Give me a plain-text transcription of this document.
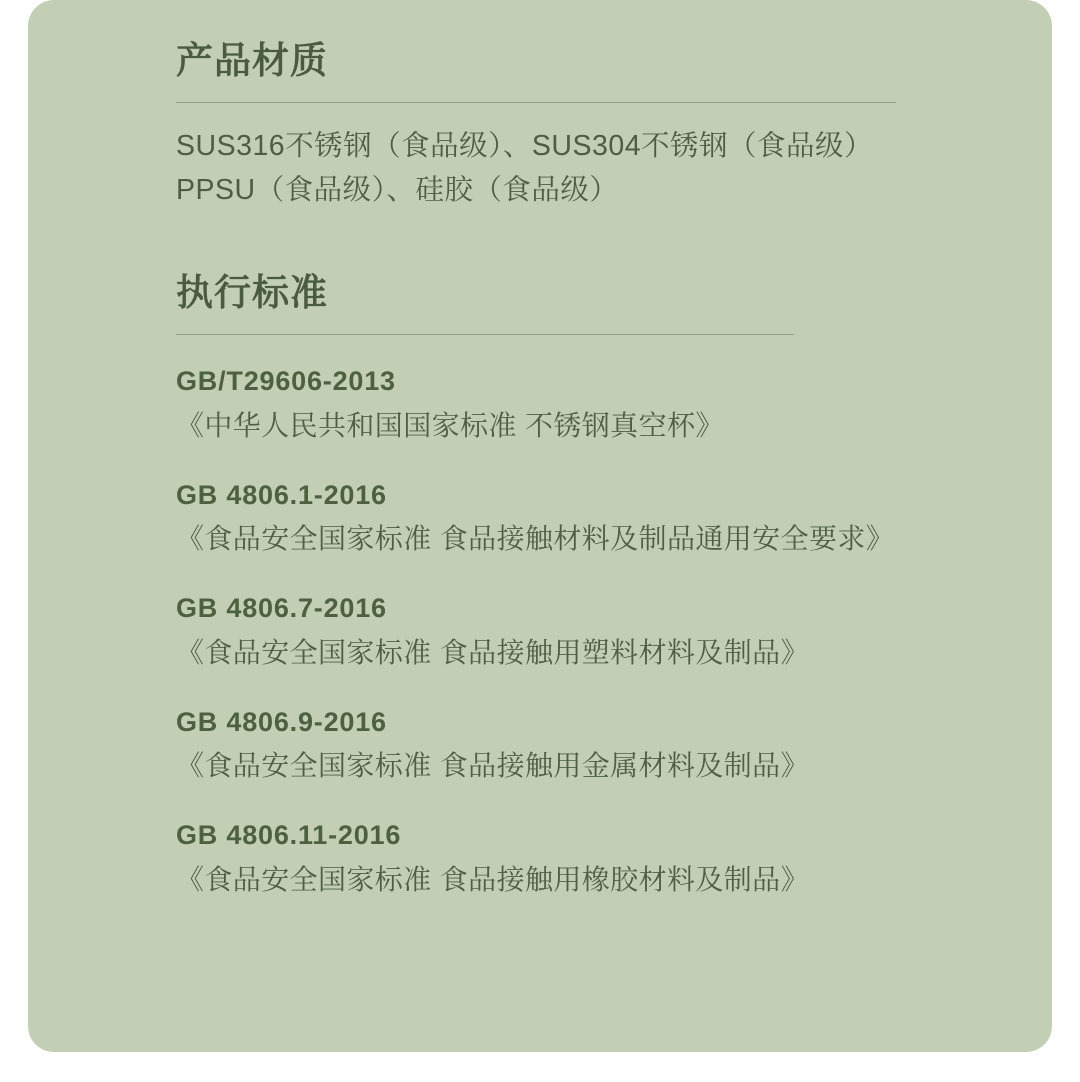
产品材质
SUS316不锈钢（食品级）、SUS304不锈钢（食品级）
PPSU（食品级）、硅胶（食品级）
执行标准
GB/T29606-2013
《中华人民共和国国家标准 不锈钢真空杯》
GB 4806.1-2016
《食品安全国家标准 食品接触材料及制品通用安全要求》
GB 4806.7-2016
《食品安全国家标准 食品接触用塑料材料及制品》
GB 4806.9-2016
《食品安全国家标准 食品接触用金属材料及制品》
GB 4806.11-2016
《食品安全国家标准 食品接触用橡胶材料及制品》
